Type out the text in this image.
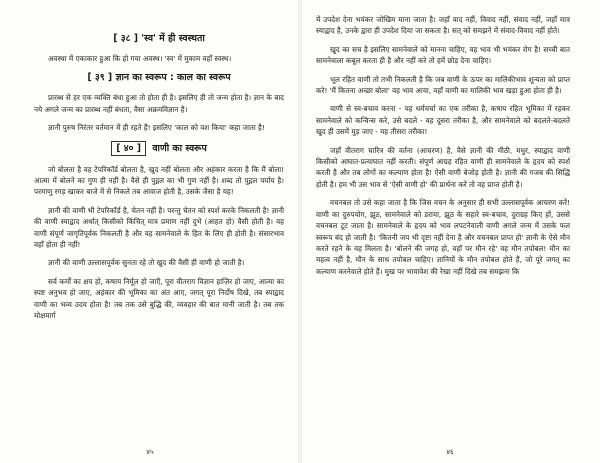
[ ३८ ] 'स्व' में ही स्वस्थता

अवस्था में एकाकार हुआ कि हो गया अवस्थ। 'स्व' में मुकाम वहाँ स्वस्थ।

[ ३९ ] ज्ञान का स्वरूप : काल का स्वरूप

प्रारब्ध से हर एक व्यक्ति बंधा हुआ तो होता ही है। इसलिए ही तो जन्म होता है। ज्ञान के बाद नये अगले जन्म का प्रारब्ध नहीं बंधता, वैसा अक्रमविज्ञान है।

ज्ञानी पुरुष निरंतर वर्तमान में ही रहते हैं! इसलिए 'काल को वश किया' कहा जाता है!

[ ४० ] वाणी का स्वरूप

जो बोलता है वह टेपरिकॉर्ड बोलता है, खुद नहीं बोलता और अहंकार करता है कि मैं बोला! आत्मा में बोलने का गुण ही नहीं है। वैसे ही पुद्गल का भी गुण नहीं है। शब्द तो पुद्गल पर्याय है। परमाणु रगड़ खाकर बाजे में से निकले तब आवाज होती है, उसके जैसा है यह!

ज्ञानी की वाणी भी टेपरिकॉर्ड है, चेतन नहीं है। परन्तु चेतन को स्पर्श करके निकलती है! ज्ञानी की वाणी स्याद्वाद अर्थात् किसीको किंचित् मात्र प्रमाण नहीं दुभे (आहत हो) वैसी होती है। वह वाणी संपूर्ण जागृतिपूर्वक निकलती है और वह सामनेवाले के हित के लिए ही होती है। संसारभाव वहाँ होता ही नहीं!

ज्ञानी की वाणी उल्लासपूर्वक सुनता रहे तो खुद की वैसी ही वाणी हो जाती है।

सर्व कर्मों का क्षय हो, कषाय निर्मूल हो जाएँ, पूरा वीतराग विज्ञान हाज़िर हो जाए, आत्मा का स्पष्ट अनुभव हो जाए, अहंकार की भूमिका का अंत आए, जगत् पूरा निर्दोष दिखे, तब स्याद्वाद वाणी का भव्य उदय होता है! तब तक उसे बुद्धि की, व्यवहार की बात मानी जाती है। तब तक मोक्षमार्ग

में उपदेश देना भयंकर जोखिम माना जाता है। जहाँ वाद नहीं, विवाद नहीं, संवाद नहीं, जहाँ मात्र स्याद्वाद है, उनके द्वारा ही उपदेश दिया जा सकता है। सत् को समझने में संवाद-विवाद नहीं होते।

खुद का सच है इसलिए सामनेवाले को मानना चाहिए, वह भाव भी भयंकर रोग है! सच्ची बात सामनेवाला कबूल करता ही है और नहीं करे तो हमें छोड़ देना चाहिए।

भूल रहित वाणी तो तभी निकलती है कि जब वाणी के ऊपर का मालिकीभाव शून्यता को प्राप्त करे! 'मैं कितना अच्छा बोला' वह भाव आया, वहाँ वाणी का मालिकी भाव खड़ा हुआ होता ही है।

वाणी से स्व-बचाव करना - यह धर्मचर्चा का एक तरीका है, कषाय रहित भूमिका में रहकर सामनेवाले को कन्विन्स करे, उसे बदले - वह दूसरा तरीका है, और सामनेवाले को बदलते-बदलते खुद ही उसमें मुड़ जाए - यह तीसरा तरीका!

जहाँ वीतराग चारित्र की वर्तना (आचरण) है, वैसे ज्ञानी की मीठी, मधुर, स्याद्वाद वाणी किसीको आघात-प्रत्याघात नहीं करती। संपूर्ण आग्रह रहित वाणी ही सामनेवाले के हृदय को स्पर्श करती है और तब लोगों का कल्याण होता है! ऐसी वाणी बेजोड़ होती है। ज्ञानी की गजब की सिद्धि होती है। हम भी उस भाव से 'ऐसी वाणी हो' की प्रार्थना करें तो वह प्राप्त होती है।

वचनबल तो उसे कहा जाता है कि जिस वचन के अनुसार ही सभी उल्लासपूर्वक आचरण करें! वाणी का दुरुपयोग, झूठ, सामनेवाले को डराया, झूठ के सहारे स्व-बचाव, दुराग्रह किए हों, उससे वचनबल टूट जाता है। सामनेवाले के हृदय को भाव लपटनेवाली वाणी अगले जन्म में उसके फल स्वरूप बंद हो जाती है। 'कितनी जप भी दृष्टा नहीं देना है और वचनबल प्राप्त हो' ज्ञानी के ऐसे मौन करते रहने के वह मिलता है। 'बोलने की जगह हो, वहाँ पर मौन रहे' वह मौन तपोबल! मौन का महत्व नहीं है, मौन के साथ तपोबल चाहिए। ज्ञानियों के मौन तपोबल होते हैं, जो पूरे जगत् का कल्याण करनेवाले होते हैं। मुख पर भावावेश की रेखा नहीं दिखे तब समझना कि

४५	४६
